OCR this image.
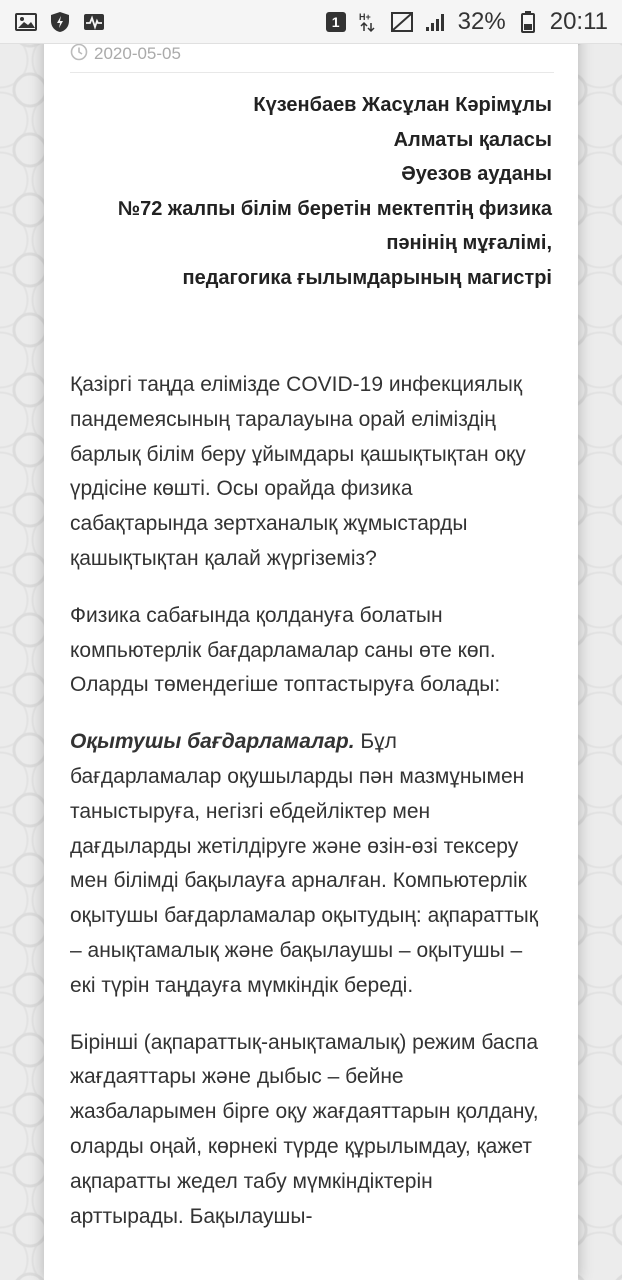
1	H+	32% 20:11
2020-05-05
Күзенбаев Жасұлан Кәрімұлы
Алматы қаласы
Әуезов ауданы
№72 жалпы білім беретін мектептің физика
пәнінің мұғалімі,
педагогика ғылымдарының магистрі

Қазіргі таңда елімізде COVID-19 инфекциялық пандемеясының таралауына орай еліміздің барлық білім беру ұйымдары қашықтықтан оқу үрдісіне көшті. Осы орайда физика сабақтарында зертханалық жұмыстарды қашықтықтан қалай жүргіземіз?

Физика сабағында қолдануға болатын компьютерлік бағдарламалар саны өте көп. Оларды төмендегіше топтастыруға болады:

Оқытушы бағдарламалар. Бұл бағдарламалар оқушыларды пән мазмұнымен таныстыруға, негізгі ебдейліктер мен дағдыларды жетілдіруге және өзін-өзі тексеру мен білімді бақылауға арналған. Компьютерлік оқытушы бағдарламалар оқытудың: ақпараттық – анықтамалық және бақылаушы – оқытушы – екі түрін таңдауға мүмкіндік береді.

Бірінші (ақпараттық-анықтамалық) режим баспа жағдаяттары және дыбыс – бейне жазбаларымен бірге оқу жағдаяттарын қолдану, оларды оңай, көрнекі түрде құрылымдау, қажет ақпаратты жедел табу мүмкіндіктерін арттырады. Бақылаушы-
